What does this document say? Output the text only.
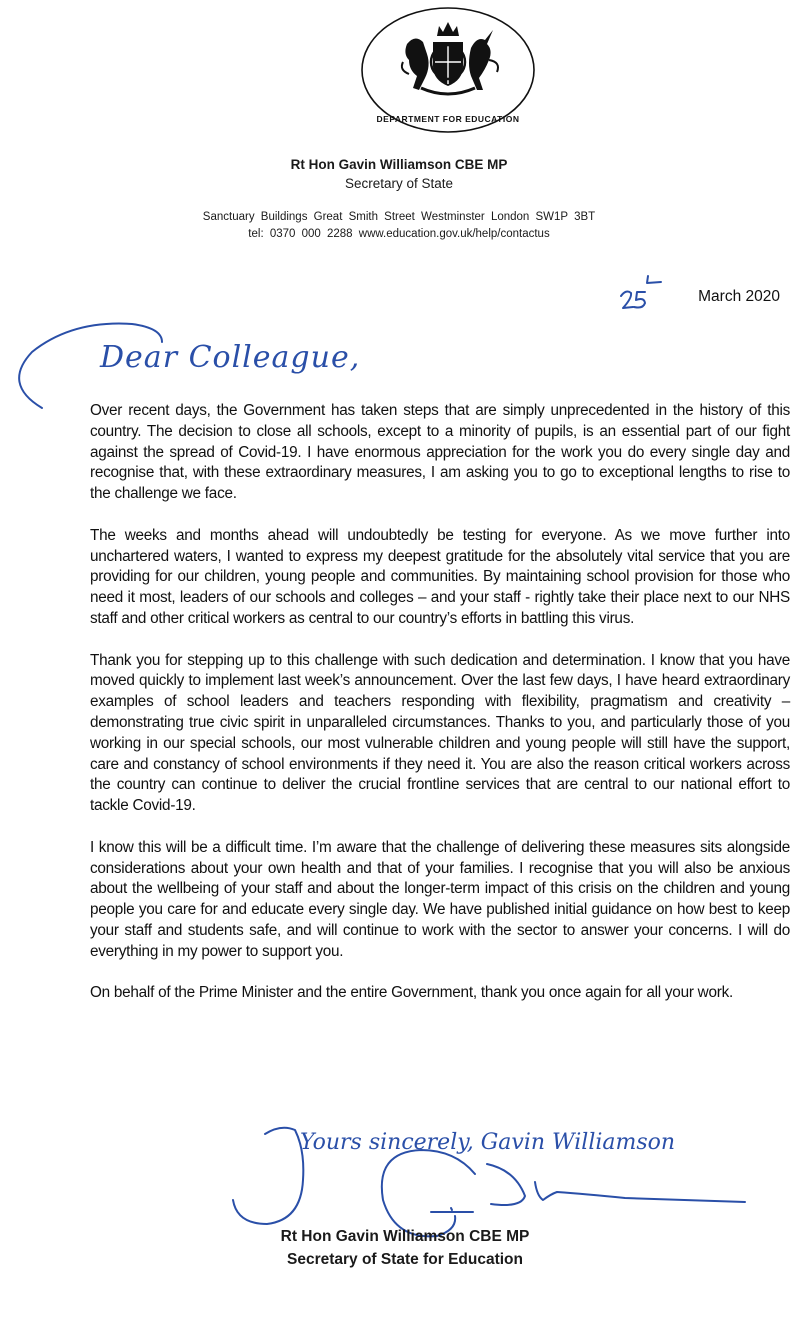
DEPARTMENT FOR EDUCATION
Rt Hon Gavin Williamson CBE MP
Secretary of State
Sanctuary Buildings Great Smith Street Westminster London SW1P 3BT
tel: 0370 000 2288 www.education.gov.uk/help/contactus
March 2020
Dear Colleague,

Over recent days, the Government has taken steps that are simply unprecedented in the history of this country. The decision to close all schools, except to a minority of pupils, is an essential part of our fight against the spread of Covid-19. I have enormous appreciation for the work you do every single day and recognise that, with these extraordinary measures, I am asking you to go to exceptional lengths to rise to the challenge we face.

The weeks and months ahead will undoubtedly be testing for everyone. As we move further into unchartered waters, I wanted to express my deepest gratitude for the absolutely vital service that you are providing for our children, young people and communities. By maintaining school provision for those who need it most, leaders of our schools and colleges – and your staff - rightly take their place next to our NHS staff and other critical workers as central to our country’s efforts in battling this virus.

Thank you for stepping up to this challenge with such dedication and determination. I know that you have moved quickly to implement last week’s announcement. Over the last few days, I have heard extraordinary examples of school leaders and teachers responding with flexibility, pragmatism and creativity – demonstrating true civic spirit in unparalleled circumstances. Thanks to you, and particularly those of you working in our special schools, our most vulnerable children and young people will still have the support, care and constancy of school environments if they need it. You are also the reason critical workers across the country can continue to deliver the crucial frontline services that are central to our national effort to tackle Covid-19.

I know this will be a difficult time. I’m aware that the challenge of delivering these measures sits alongside considerations about your own health and that of your families. I recognise that you will also be anxious about the wellbeing of your staff and about the longer-term impact of this crisis on the children and young people you care for and educate every single day. We have published initial guidance on how best to keep your staff and students safe, and will continue to work with the sector to answer your concerns. I will do everything in my power to support you.

On behalf of the Prime Minister and the entire Government, thank you once again for all your work.

Yours sincerely, Gavin Williamson
Rt Hon Gavin Williamson CBE MP
Secretary of State for Education
